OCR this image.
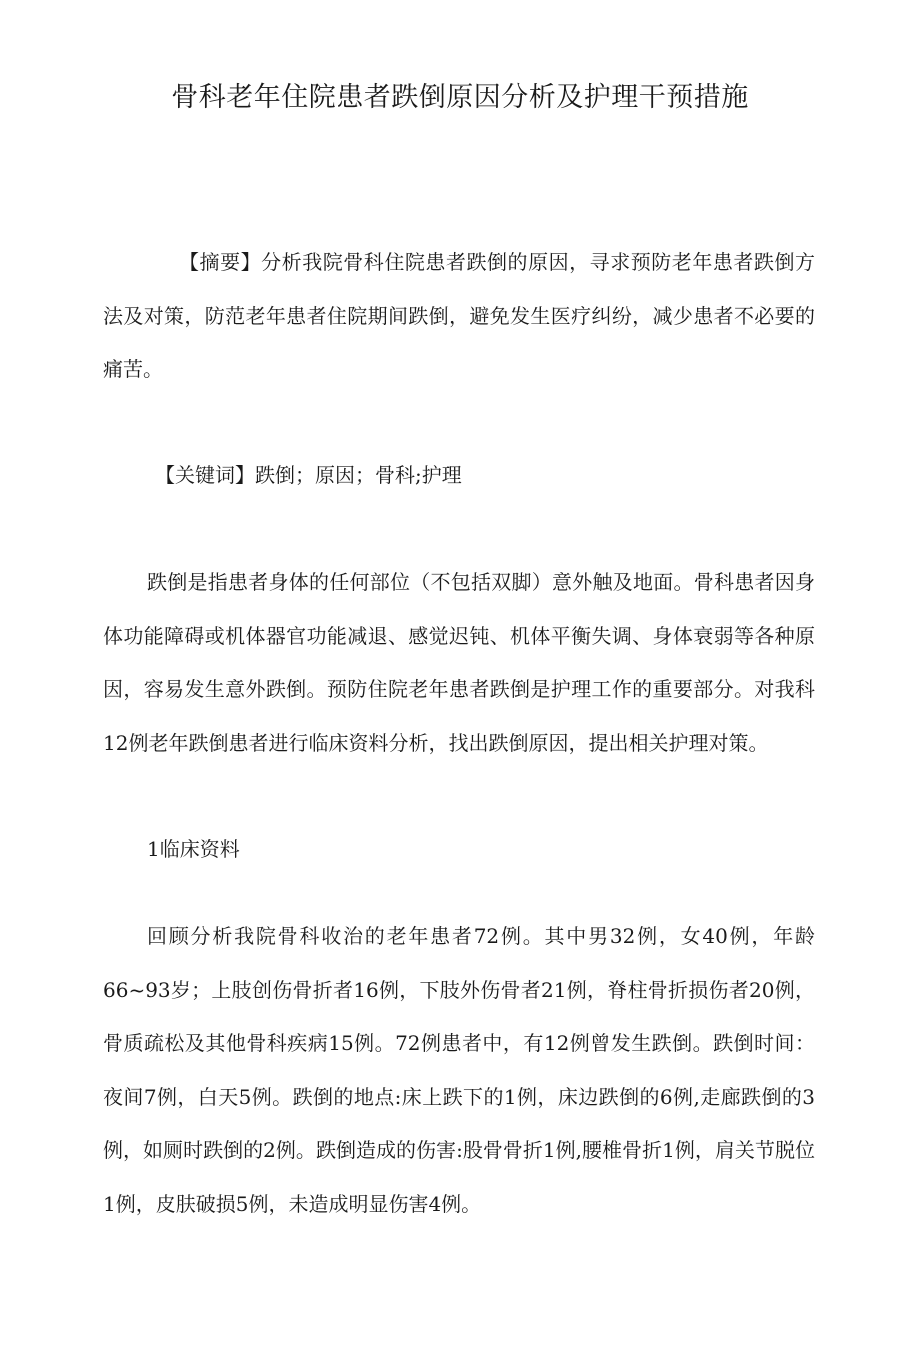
骨科老年住院患者跌倒原因分析及护理干预措施

【摘要】分析我院骨科住院患者跌倒的原因，寻求预防老年患者跌倒方法及对策，防范老年患者住院期间跌倒，避免发生医疗纠纷，减少患者不必要的痛苦。

【关键词】跌倒；原因；骨科;护理

跌倒是指患者身体的任何部位（不包括双脚）意外触及地面。骨科患者因身体功能障碍或机体器官功能减退、感觉迟钝、机体平衡失调、身体衰弱等各种原因，容易发生意外跌倒。预防住院老年患者跌倒是护理工作的重要部分。对我科12例老年跌倒患者进行临床资料分析，找出跌倒原因，提出相关护理对策。

1临床资料

回顾分析我院骨科收治的老年患者72例。其中男32例，女40例，年龄66~93岁；上肢创伤骨折者16例，下肢外伤骨者21例，脊柱骨折损伤者20例，骨质疏松及其他骨科疾病15例。72例患者中，有12例曾发生跌倒。跌倒时间：夜间7例，白天5例。跌倒的地点:床上跌下的1例，床边跌倒的6例,走廊跌倒的3例，如厕时跌倒的2例。跌倒造成的伤害:股骨骨折1例,腰椎骨折1例，肩关节脱位1例，皮肤破损5例，未造成明显伤害4例。
